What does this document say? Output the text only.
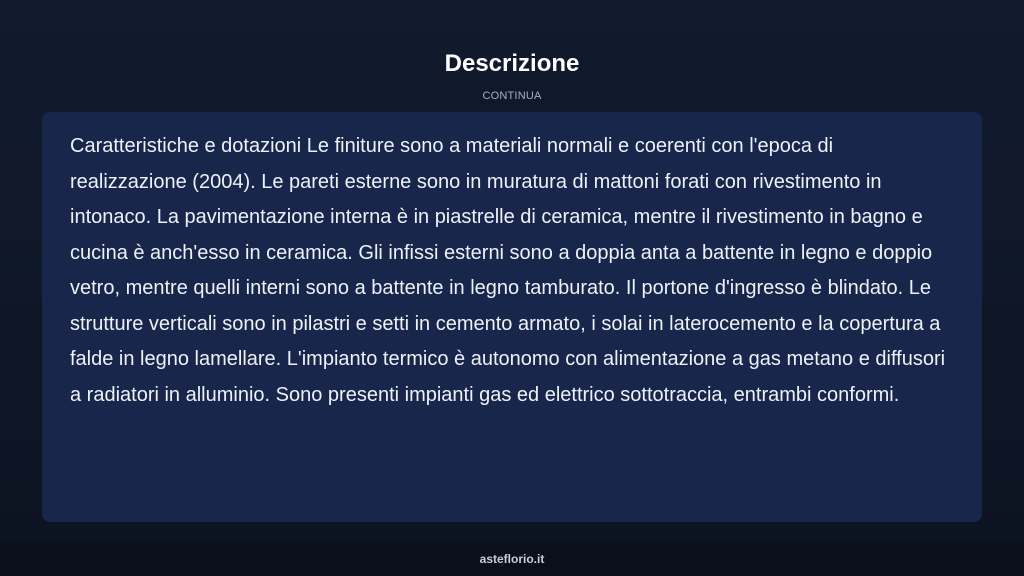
Descrizione
CONTINUA

Caratteristiche e dotazioni Le finiture sono a materiali normali e coerenti con l'epoca di realizzazione (2004). Le pareti esterne sono in muratura di mattoni forati con rivestimento in intonaco. La pavimentazione interna è in piastrelle di ceramica, mentre il rivestimento in bagno e cucina è anch'esso in ceramica. Gli infissi esterni sono a doppia anta a battente in legno e doppio vetro, mentre quelli interni sono a battente in legno tamburato. Il portone d'ingresso è blindato. Le strutture verticali sono in pilastri e setti in cemento armato, i solai in laterocemento e la copertura a falde in legno lamellare. L'impianto termico è autonomo con alimentazione a gas metano e diffusori a radiatori in alluminio. Sono presenti impianti gas ed elettrico sottotraccia, entrambi conformi.

asteflorio.it
